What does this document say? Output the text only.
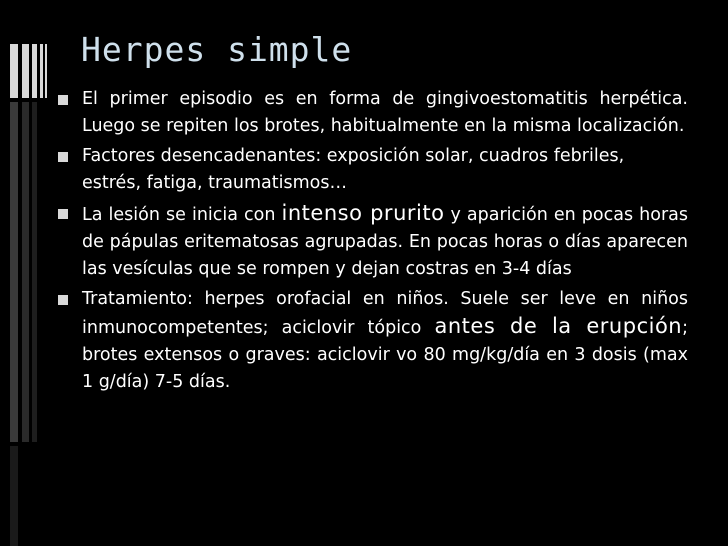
Herpes simple
El primer episodio es en forma de gingivoestomatitis herpética. Luego se repiten los brotes, habitualmente en la misma localización.
Factores desencadenantes: exposición solar, cuadros febriles, estrés, fatiga, traumatismos…
La lesión se inicia con intenso prurito y aparición en pocas horas de pápulas eritematosas agrupadas. En pocas horas o días aparecen las vesículas que se rompen y dejan costras en 3-4 días
Tratamiento: herpes orofacial en niños. Suele ser leve en niños inmunocompetentes; aciclovir tópico antes de la erupción; brotes extensos o graves: aciclovir vo 80 mg/kg/día en 3 dosis (max 1 g/día) 7-5 días.
